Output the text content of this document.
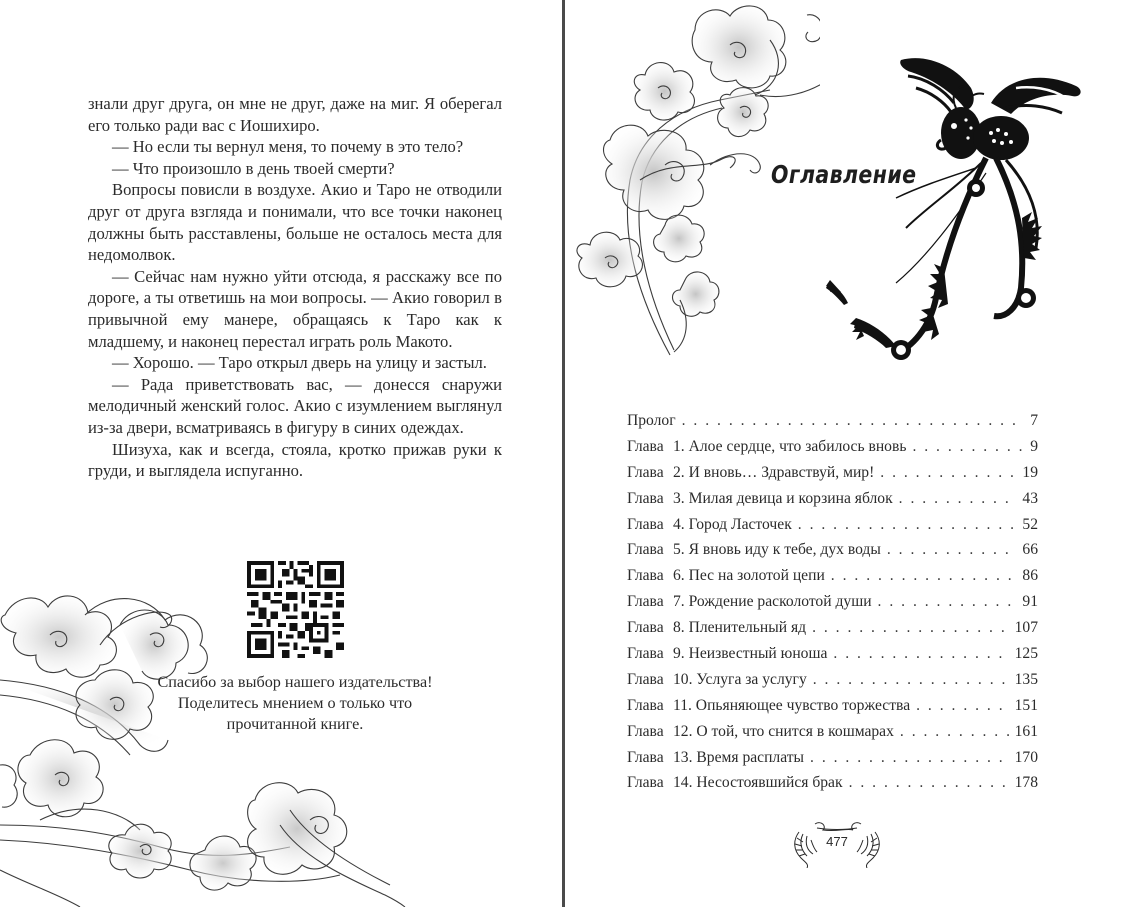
знали друг друга, он мне не друг, даже на миг. Я оберегал его только ради вас с Иошихиро.

— Но если ты вернул меня, то почему в это тело?

— Что произошло в день твоей смерти?

Вопросы повисли в воздухе. Акио и Таро не отводили друг от друга взгляда и понимали, что все точки наконец должны быть расставлены, больше не осталось места для недомолвок.

— Сейчас нам нужно уйти отсюда, я расскажу все по дороге, а ты ответишь на мои вопросы. — Акио говорил в привычной ему манере, обращаясь к Таро как к младшему, и наконец перестал играть роль Макото.

— Хорошо. — Таро открыл дверь на улицу и застыл.

— Рада приветствовать вас, — донесся снаружи мелодичный женский голос. Акио с изумлением выглянул из-за двери, всматриваясь в фигуру в синих одеждах.

Шизуха, как и всегда, стояла, кротко прижав руки к груди, и выглядела испуганно.

Спасибо за выбор нашего издательства!
Поделитесь мнением о только что
прочитанной книге.
Оглавление
Пролог . . .	7
Глава 1. Алое сердце, что забилось вновь . . .	9
Глава 2. И вновь… Здравствуй, мир! . . .	19
Глава 3. Милая девица и корзина яблок . . .	43
Глава 4. Город Ласточек . . .	52
Глава 5. Я вновь иду к тебе, дух воды . . .	66
Глава 6. Пес на золотой цепи . . .	86
Глава 7. Рождение расколотой души . . .	91
Глава 8. Пленительный яд . . .	107
Глава 9. Неизвестный юноша . . .	125
Глава 10. Услуга за услугу . . .	135
Глава 11. Опьяняющее чувство торжества . . .	151
Глава 12. О той, что снится в кошмарах . . .	161
Глава 13. Время расплаты . . .	170
Глава 14. Несостоявшийся брак . . .	178
477
